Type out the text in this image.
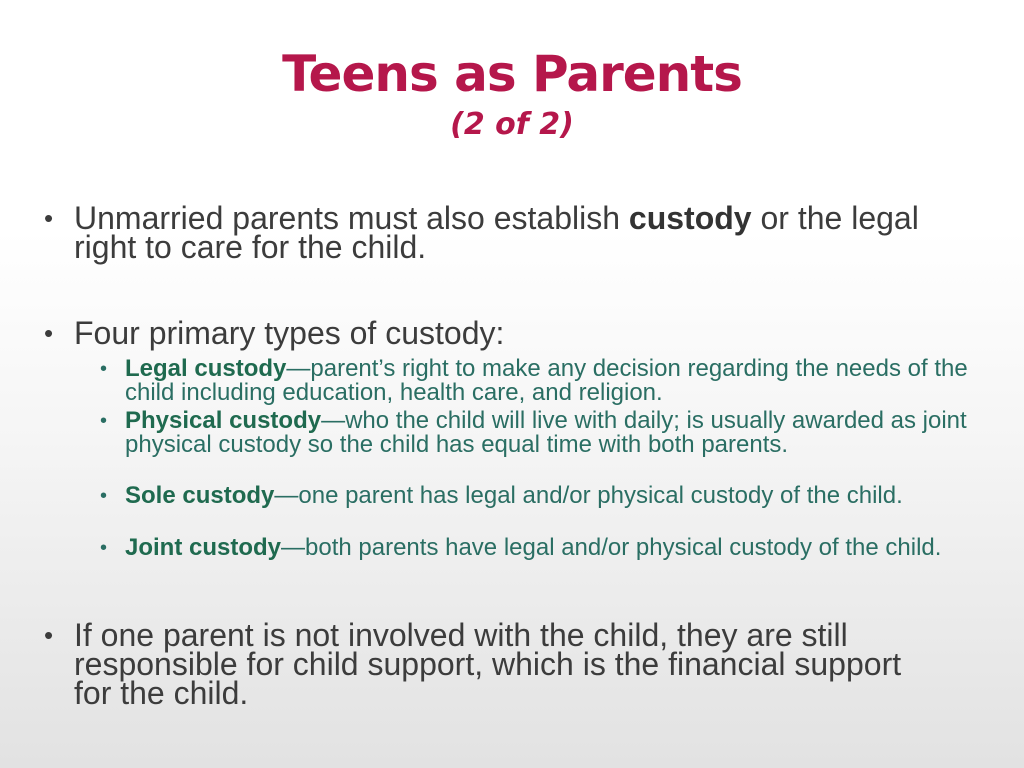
Teens as Parents
(2 of 2)
• Unmarried parents must also establish custody or the legal right to care for the child.
• Four primary types of custody:
• Legal custody—parent’s right to make any decision regarding the needs of the child including education, health care, and religion.
• Physical custody—who the child will live with daily; is usually awarded as joint physical custody so the child has equal time with both parents.
• Sole custody—one parent has legal and/or physical custody of the child.
• Joint custody—both parents have legal and/or physical custody of the child.
• If one parent is not involved with the child, they are still responsible for child support, which is the financial support for the child.
